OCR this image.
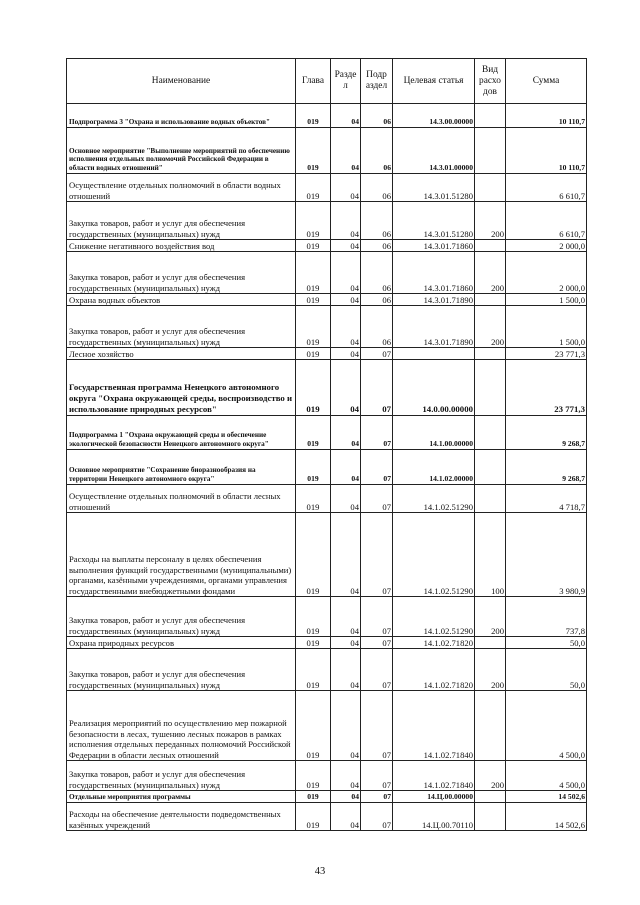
Наименование	Глава	Разде л	Подр аздел	Целевая статья	Вид расхо дов	Сумма
Подпрограмма 3 "Охрана и использование водных объектов"	019	04	06	14.3.00.00000		10 110,7
Основное мероприятие "Выполнение мероприятий по обеспечению исполнения отдельных полномочий Российской Федерации в области водных отношений"	019	04	06	14.3.01.00000		10 110,7
Осуществление отдельных полномочий в области водных отношений	019	04	06	14.3.01.51280		6 610,7
Закупка товаров, работ и услуг для обеспечения государственных (муниципальных) нужд	019	04	06	14.3.01.51280	200	6 610,7
Снижение негативного воздействия вод	019	04	06	14.3.01.71860		2 000,0
Закупка товаров, работ и услуг для обеспечения государственных (муниципальных) нужд	019	04	06	14.3.01.71860	200	2 000,0
Охрана водных объектов	019	04	06	14.3.01.71890		1 500,0
Закупка товаров, работ и услуг для обеспечения государственных (муниципальных) нужд	019	04	06	14.3.01.71890	200	1 500,0
Лесное хозяйство	019	04	07			23 771,3
Государственная программа Ненецкого автономного округа "Охрана окружающей среды, воспроизводство и использование природных ресурсов"	019	04	07	14.0.00.00000		23 771,3
Подпрограмма 1 "Охрана окружающей среды и обеспечение экологической безопасности Ненецкого автономного округа"	019	04	07	14.1.00.00000		9 268,7
Основное мероприятие "Сохранение биоразнообразия на территории Ненецкого автономного округа"	019	04	07	14.1.02.00000		9 268,7
Осуществление отдельных полномочий в области лесных отношений	019	04	07	14.1.02.51290		4 718,7
Расходы на выплаты персоналу в целях обеспечения выполнения функций государственными (муниципальными) органами, казёнными учреждениями, органами управления государственными внебюджетными фондами	019	04	07	14.1.02.51290	100	3 980,9
Закупка товаров, работ и услуг для обеспечения государственных (муниципальных) нужд	019	04	07	14.1.02.51290	200	737,8
Охрана природных ресурсов	019	04	07	14.1.02.71820		50,0
Закупка товаров, работ и услуг для обеспечения государственных (муниципальных) нужд	019	04	07	14.1.02.71820	200	50,0
Реализация мероприятий по осуществлению мер пожарной безопасности в лесах, тушению лесных пожаров в рамках исполнения отдельных переданных полномочий Российской Федерации в области лесных отношений	019	04	07	14.1.02.71840		4 500,0
Закупка товаров, работ и услуг для обеспечения государственных (муниципальных) нужд	019	04	07	14.1.02.71840	200	4 500,0
Отдельные мероприятия программы	019	04	07	14.Ц.00.00000		14 502,6
Расходы на обеспечение деятельности подведомственных казённых учреждений	019	04	07	14.Ц.00.70110		14 502,6
43
